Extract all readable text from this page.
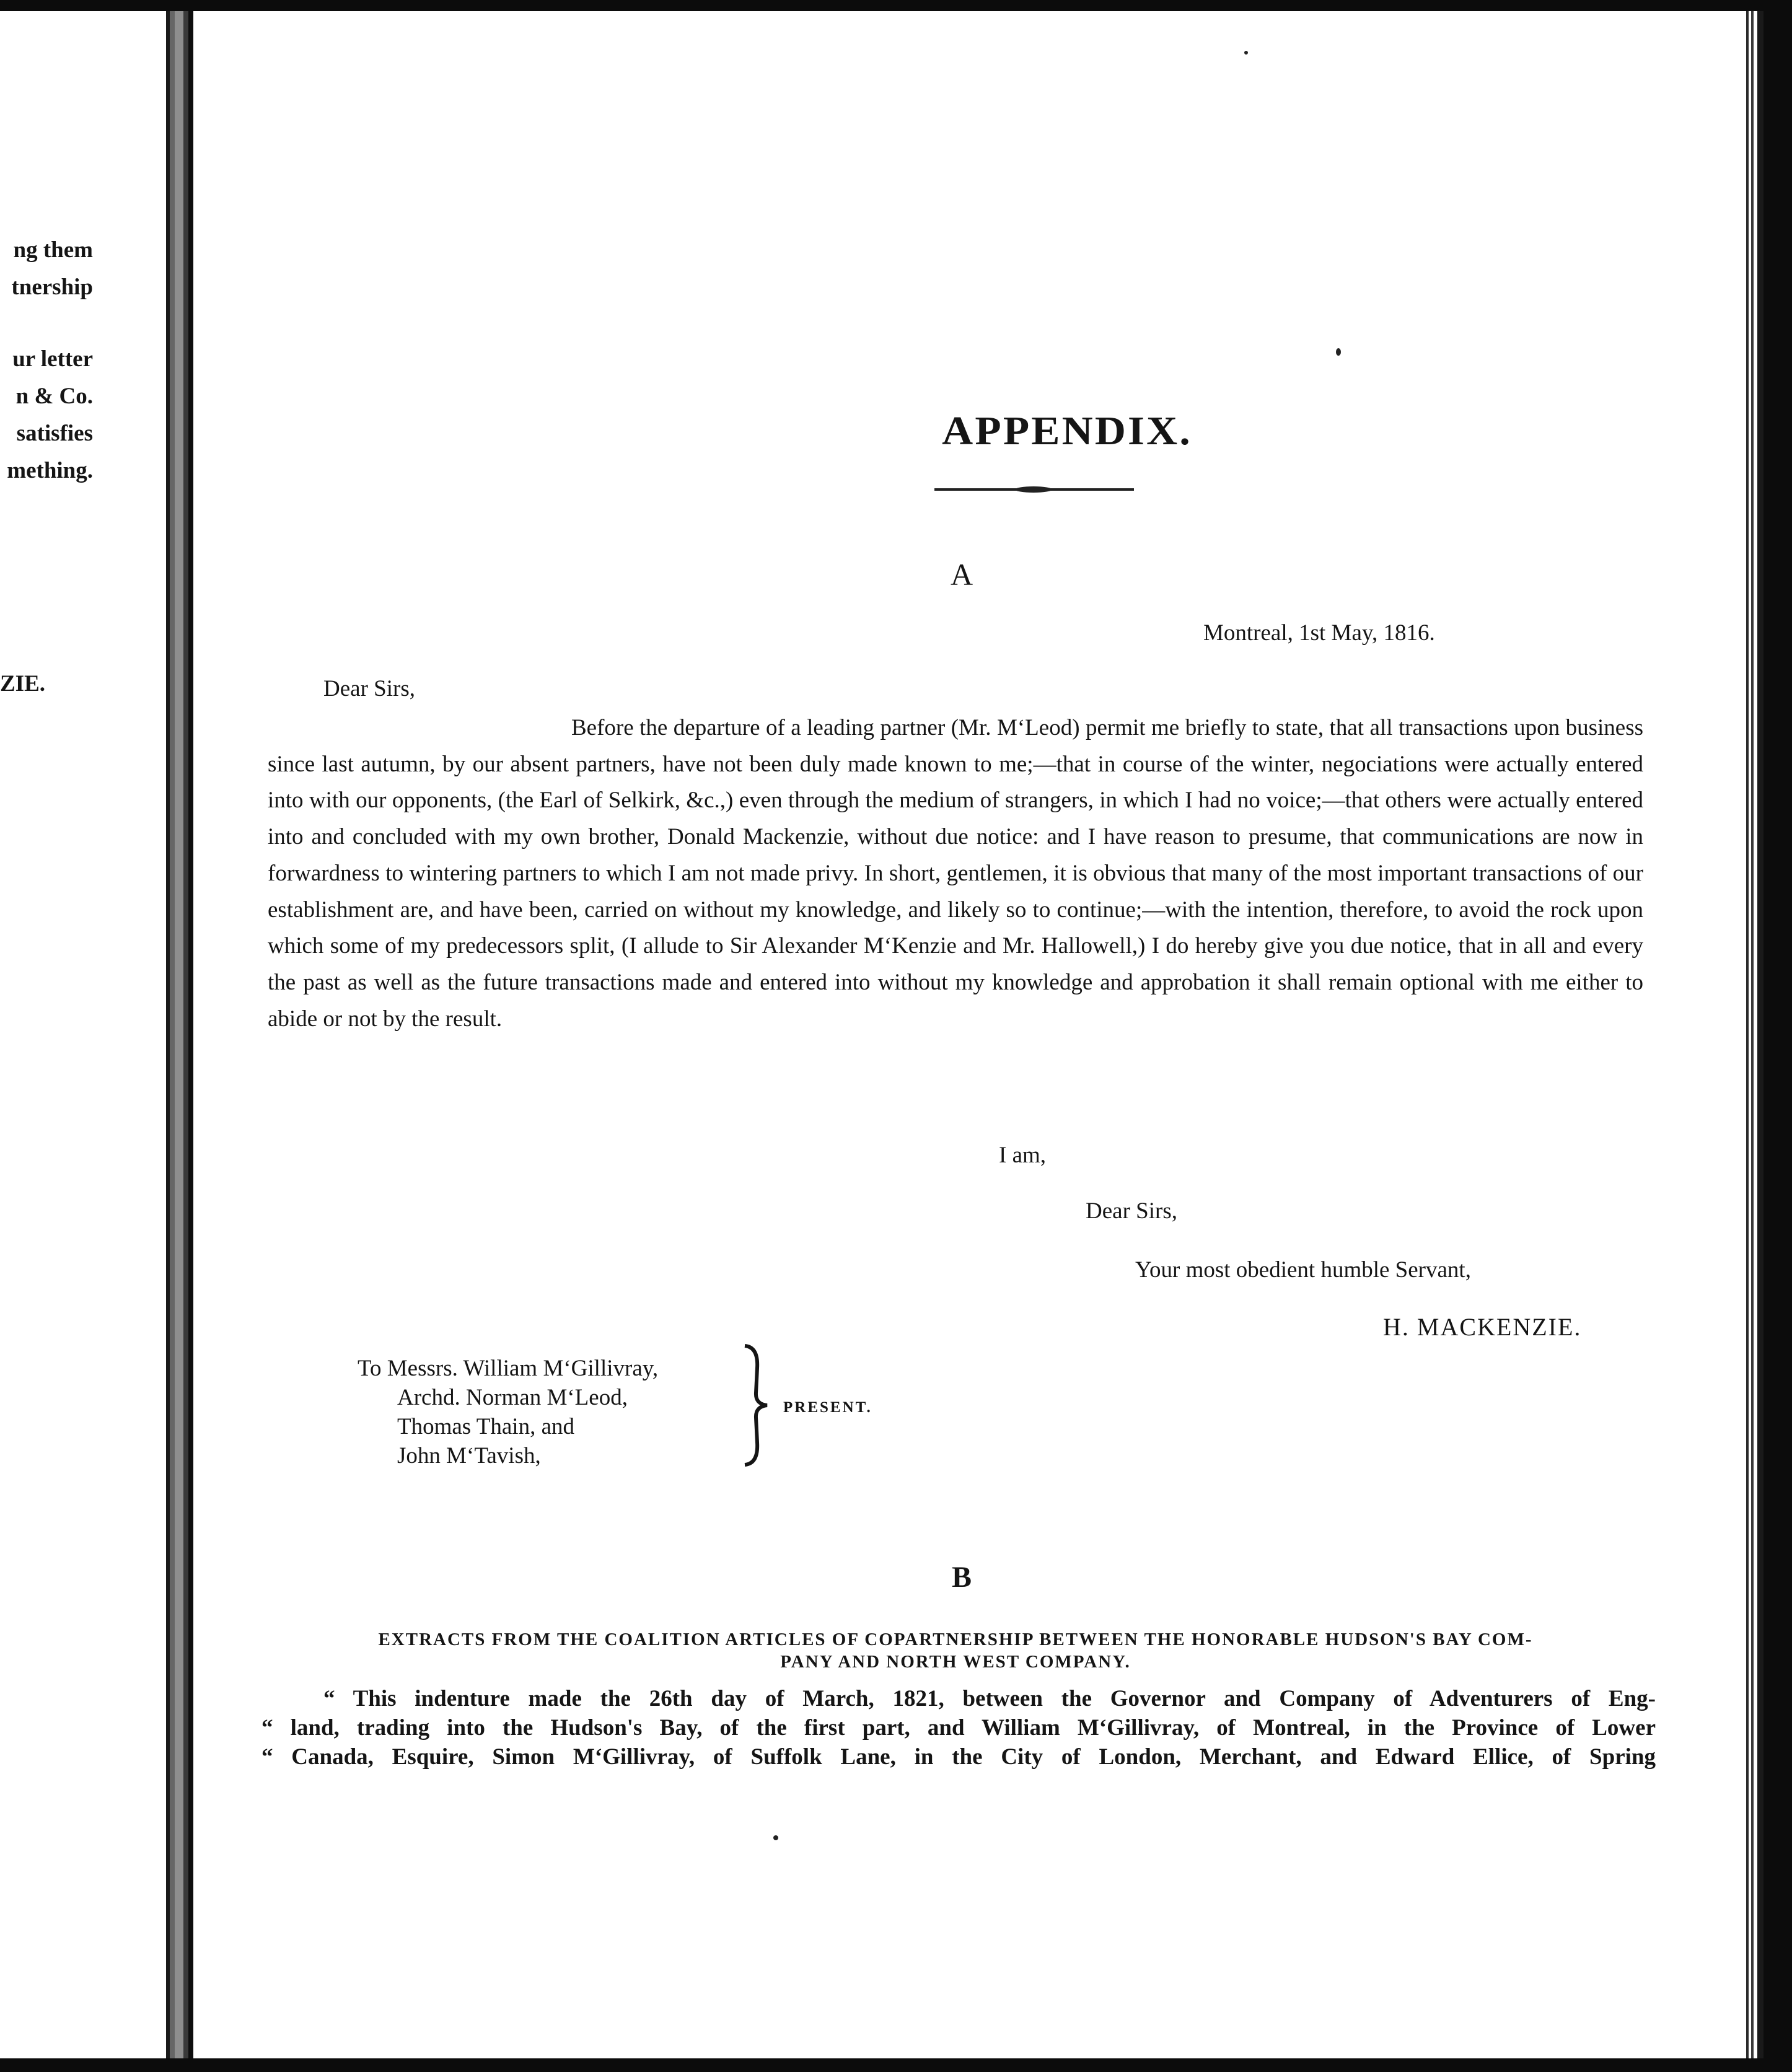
ng them
tnership
ur letter
n & Co.
satisfies
mething.
ZIE.
APPENDIX.
A
Montreal, 1st May, 1816.
Dear Sirs,
Before the departure of a leading partner (Mr. M‘Leod) permit me briefly to state, that all transactions upon business since last autumn, by our absent partners, have not been duly made known to me;—that in course of the winter, negociations were actually entered into with our opponents, (the Earl of Selkirk, &c.,) even through the medium of strangers, in which I had no voice;—that others were actually entered into and concluded with my own brother, Donald Mackenzie, without due notice: and I have reason to presume, that communications are now in forwardness to wintering partners to which I am not made privy. In short, gentlemen, it is obvious that many of the most important transactions of our establishment are, and have been, carried on without my knowledge, and likely so to continue;—with the intention, therefore, to avoid the rock upon which some of my predecessors split, (I allude to Sir Alexander M‘Kenzie and Mr. Hallowell,) I do hereby give you due notice, that in all and every the past as well as the future transactions made and entered into without my knowledge and approbation it shall remain optional with me either to abide or not by the result.
I am,
Dear Sirs,
Your most obedient humble Servant,
H. MACKENZIE.
To Messrs. William M‘Gillivray,
Archd. Norman M‘Leod,
Thomas Thain, and
John M‘Tavish,
PRESENT.
B
EXTRACTS FROM THE COALITION ARTICLES OF COPARTNERSHIP BETWEEN THE HONORABLE HUDSON'S BAY COM-
PANY AND NORTH WEST COMPANY.
“ This indenture made the 26th day of March, 1821, between the Governor and Company of Adventurers of Eng-
“ land, trading into the Hudson's Bay, of the first part, and William M‘Gillivray, of Montreal, in the Province of Lower
“ Canada, Esquire, Simon M‘Gillivray, of Suffolk Lane, in the City of London, Merchant, and Edward Ellice, of Spring
